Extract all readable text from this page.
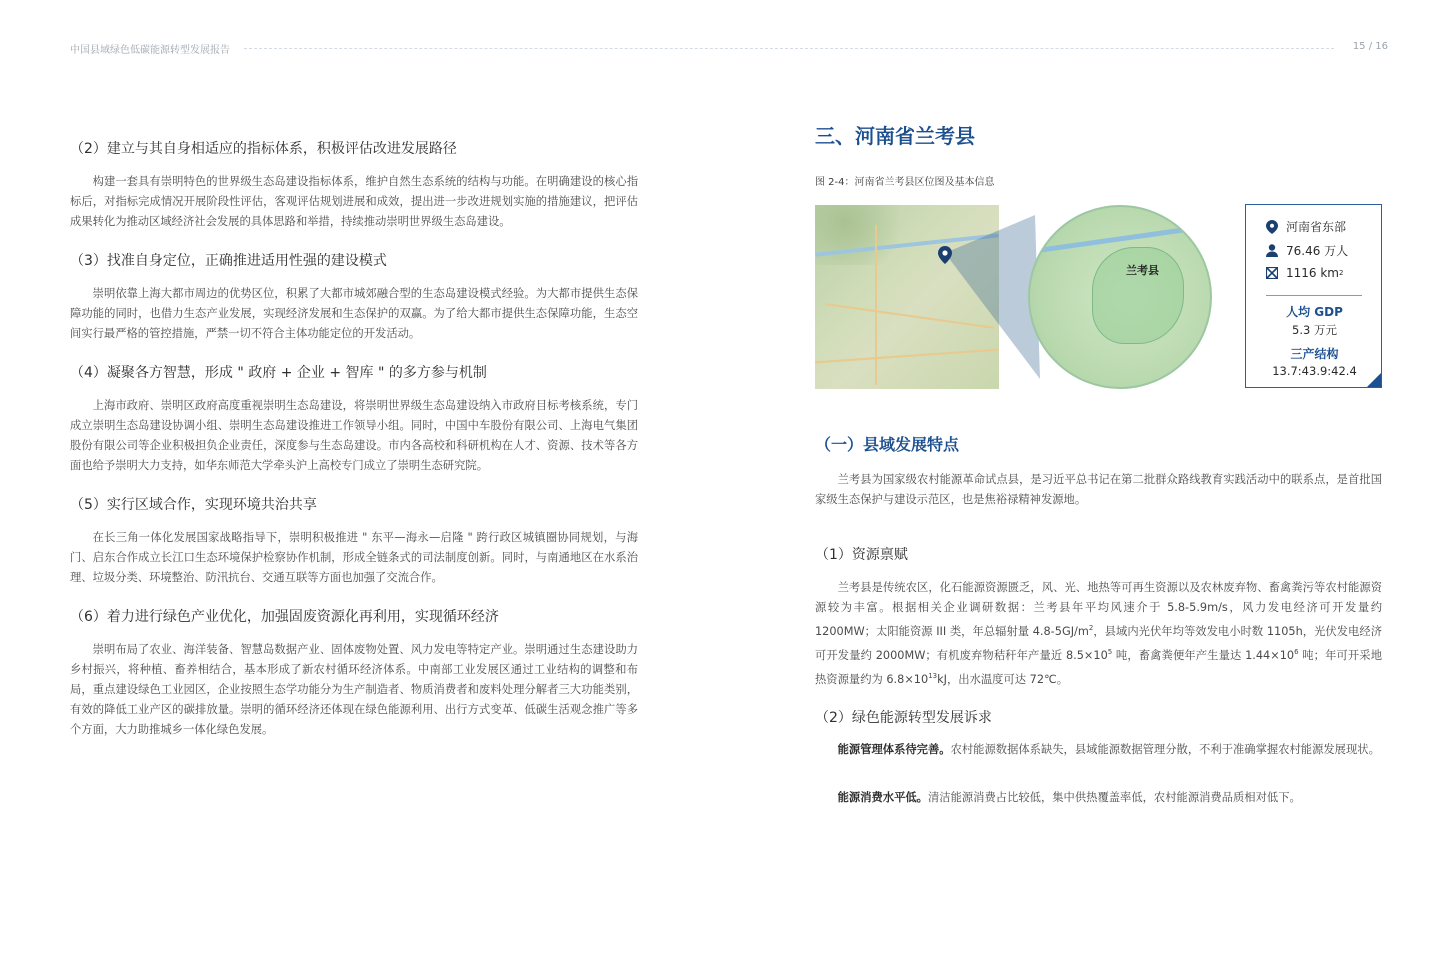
中国县域绿色低碳能源转型发展报告	15 / 16
（2）建立与其自身相适应的指标体系，积极评估改进发展路径

构建一套具有崇明特色的世界级生态岛建设指标体系，维护自然生态系统的结构与功能。在明确建设的核心指标后，对指标完成情况开展阶段性评估，客观评估规划进展和成效，提出进一步改进规划实施的措施建议，把评估成果转化为推动区域经济社会发展的具体思路和举措，持续推动崇明世界级生态岛建设。

（3）找准自身定位，正确推进适用性强的建设模式

崇明依靠上海大都市周边的优势区位，积累了大都市城郊融合型的生态岛建设模式经验。为大都市提供生态保障功能的同时，也借力生态产业发展，实现经济发展和生态保护的双赢。为了给大都市提供生态保障功能，生态空间实行最严格的管控措施，严禁一切不符合主体功能定位的开发活动。

（4）凝聚各方智慧，形成 " 政府 + 企业 + 智库 " 的多方参与机制

上海市政府、崇明区政府高度重视崇明生态岛建设，将崇明世界级生态岛建设纳入市政府目标考核系统，专门成立崇明生态岛建设协调小组、崇明生态岛建设推进工作领导小组。同时，中国中车股份有限公司、上海电气集团股份有限公司等企业积极担负企业责任，深度参与生态岛建设。市内各高校和科研机构在人才、资源、技术等各方面也给予崇明大力支持，如华东师范大学牵头沪上高校专门成立了崇明生态研究院。

（5）实行区域合作，实现环境共治共享

在长三角一体化发展国家战略指导下，崇明积极推进 " 东平—海永—启隆 " 跨行政区城镇圈协同规划，与海门、启东合作成立长江口生态环境保护检察协作机制，形成全链条式的司法制度创新。同时，与南通地区在水系治理、垃圾分类、环境整治、防汛抗台、交通互联等方面也加强了交流合作。

（6）着力进行绿色产业优化，加强固废资源化再利用，实现循环经济

崇明布局了农业、海洋装备、智慧岛数据产业、固体废物处置、风力发电等特定产业。崇明通过生态建设助力乡村振兴，将种植、畜养相结合，基本形成了新农村循环经济体系。中南部工业发展区通过工业结构的调整和布局，重点建设绿色工业园区，企业按照生态学功能分为生产制造者、物质消费者和废料处理分解者三大功能类别，有效的降低工业产区的碳排放量。崇明的循环经济还体现在绿色能源利用、出行方式变革、低碳生活观念推广等多个方面，大力助推城乡一体化绿色发展。

三、河南省兰考县
图 2-4：河南省兰考县区位图及基本信息
兰考县
河南省东部
76.46 万人
1116 km 2
人均 GDP
5.3 万元
三产结构
13.7:43.9:42.4
（一）县域发展特点

兰考县为国家级农村能源革命试点县，是习近平总书记在第二批群众路线教育实践活动中的联系点，是首批国家级生态保护与建设示范区，也是焦裕禄精神发源地。

（1）资源禀赋

兰考县是传统农区，化石能源资源匮乏，风、光、地热等可再生资源以及农林废弃物、畜禽粪污等农村能源资源较为丰富。根据相关企业调研数据：兰考县年平均风速介于 5.8-5.9m/s，风力发电经济可开发量约 1200MW；太阳能资源 III 类，年总辐射量 $4.8-5GJ/m^2$，县域内光伏年均等效发电小时数 1105h，光伏发电经济可开发量约 2000MW；有机废弃物秸秆年产量近 $8.5\times 10^5$ 吨，畜禽粪便年产生量达 $1.44\times 10^6$ 吨；年可开采地热资源量约为 $6.8\times 10^{13}kJ$，出水温度可达 72℃。

（2）绿色能源转型发展诉求

能源管理体系待完善。农村能源数据体系缺失，县域能源数据管理分散，不利于准确掌握农村能源发展现状。

能源消费水平低。清洁能源消费占比较低，集中供热覆盖率低，农村能源消费品质相对低下。
